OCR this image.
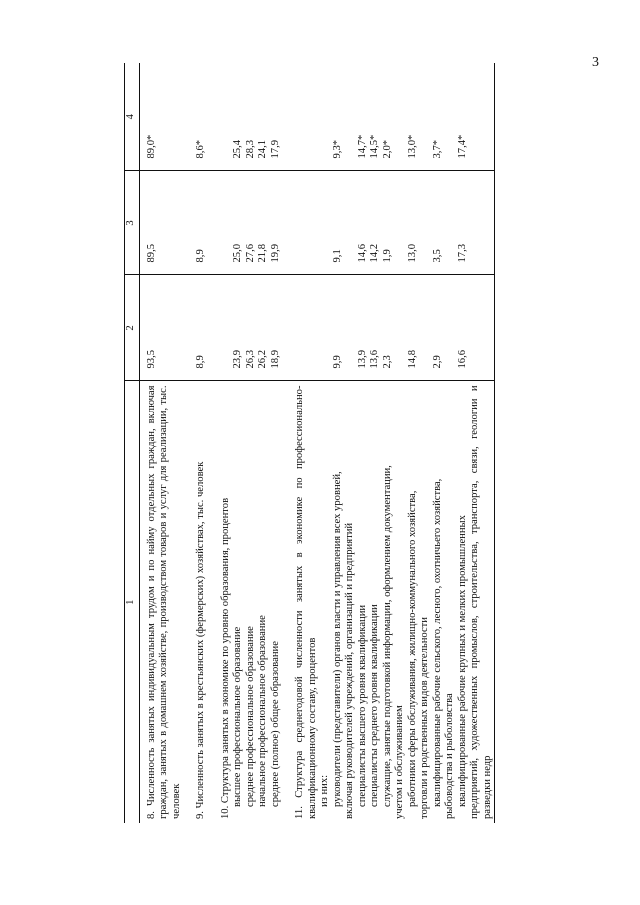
3
1	2	3	4

8. Численность занятых индивидуальным трудом и по найму отдельных граждан, включая граждан, занятых в домашнем хозяйстве, производством товаров и услуг для реализации, тыс. человек	93,5	89,5	89,0*

9. Численность занятых в крестьянских (фермерских) хозяйствах, тыс. человек	8,9	8,9	8,6*

10. Структура занятых в экономике по уровню образования, процентов			

высшее профессиональное образование	23,9	25,0	25,4

среднее профессиональное образование	26,3	27,6	28,3

начальное профессиональное образование	26,2	21,8	24,1

среднее (полное) общее образование	18,9	19,9	17,9

11. Структура среднегодовой численности занятых в экономике по профессионально-квалификационному составу, процентов из них:			

руководители (представители) органов власти и управления всех уровней, включая руководителей учреждений, организаций и предприятий	9,9	9,1	9,3*

специалисты высшего уровня квалификации	13,9	14,6	14,7*

специалисты среднего уровня квалификации	13,6	14,2	14,5*

служащие, занятые подготовкой информации, оформлением документации, учетом и обслуживанием	2,3	1,9	2,0*

работники сферы обслуживания, жилищно-коммунального хозяйства, торговли и родственных видов деятельности	14,8	13,0	13,0*

квалифицированные рабочие сельского, лесного, охотничьего хозяйства, рыбоводства и рыболовства	2,9	3,5	3,7*

квалифицированные рабочие крупных и мелких промышленных предприятий, художественных промыслов, строительства, транспорта, связи, геологии и разведки недр	16,6	17,3	17,4*
